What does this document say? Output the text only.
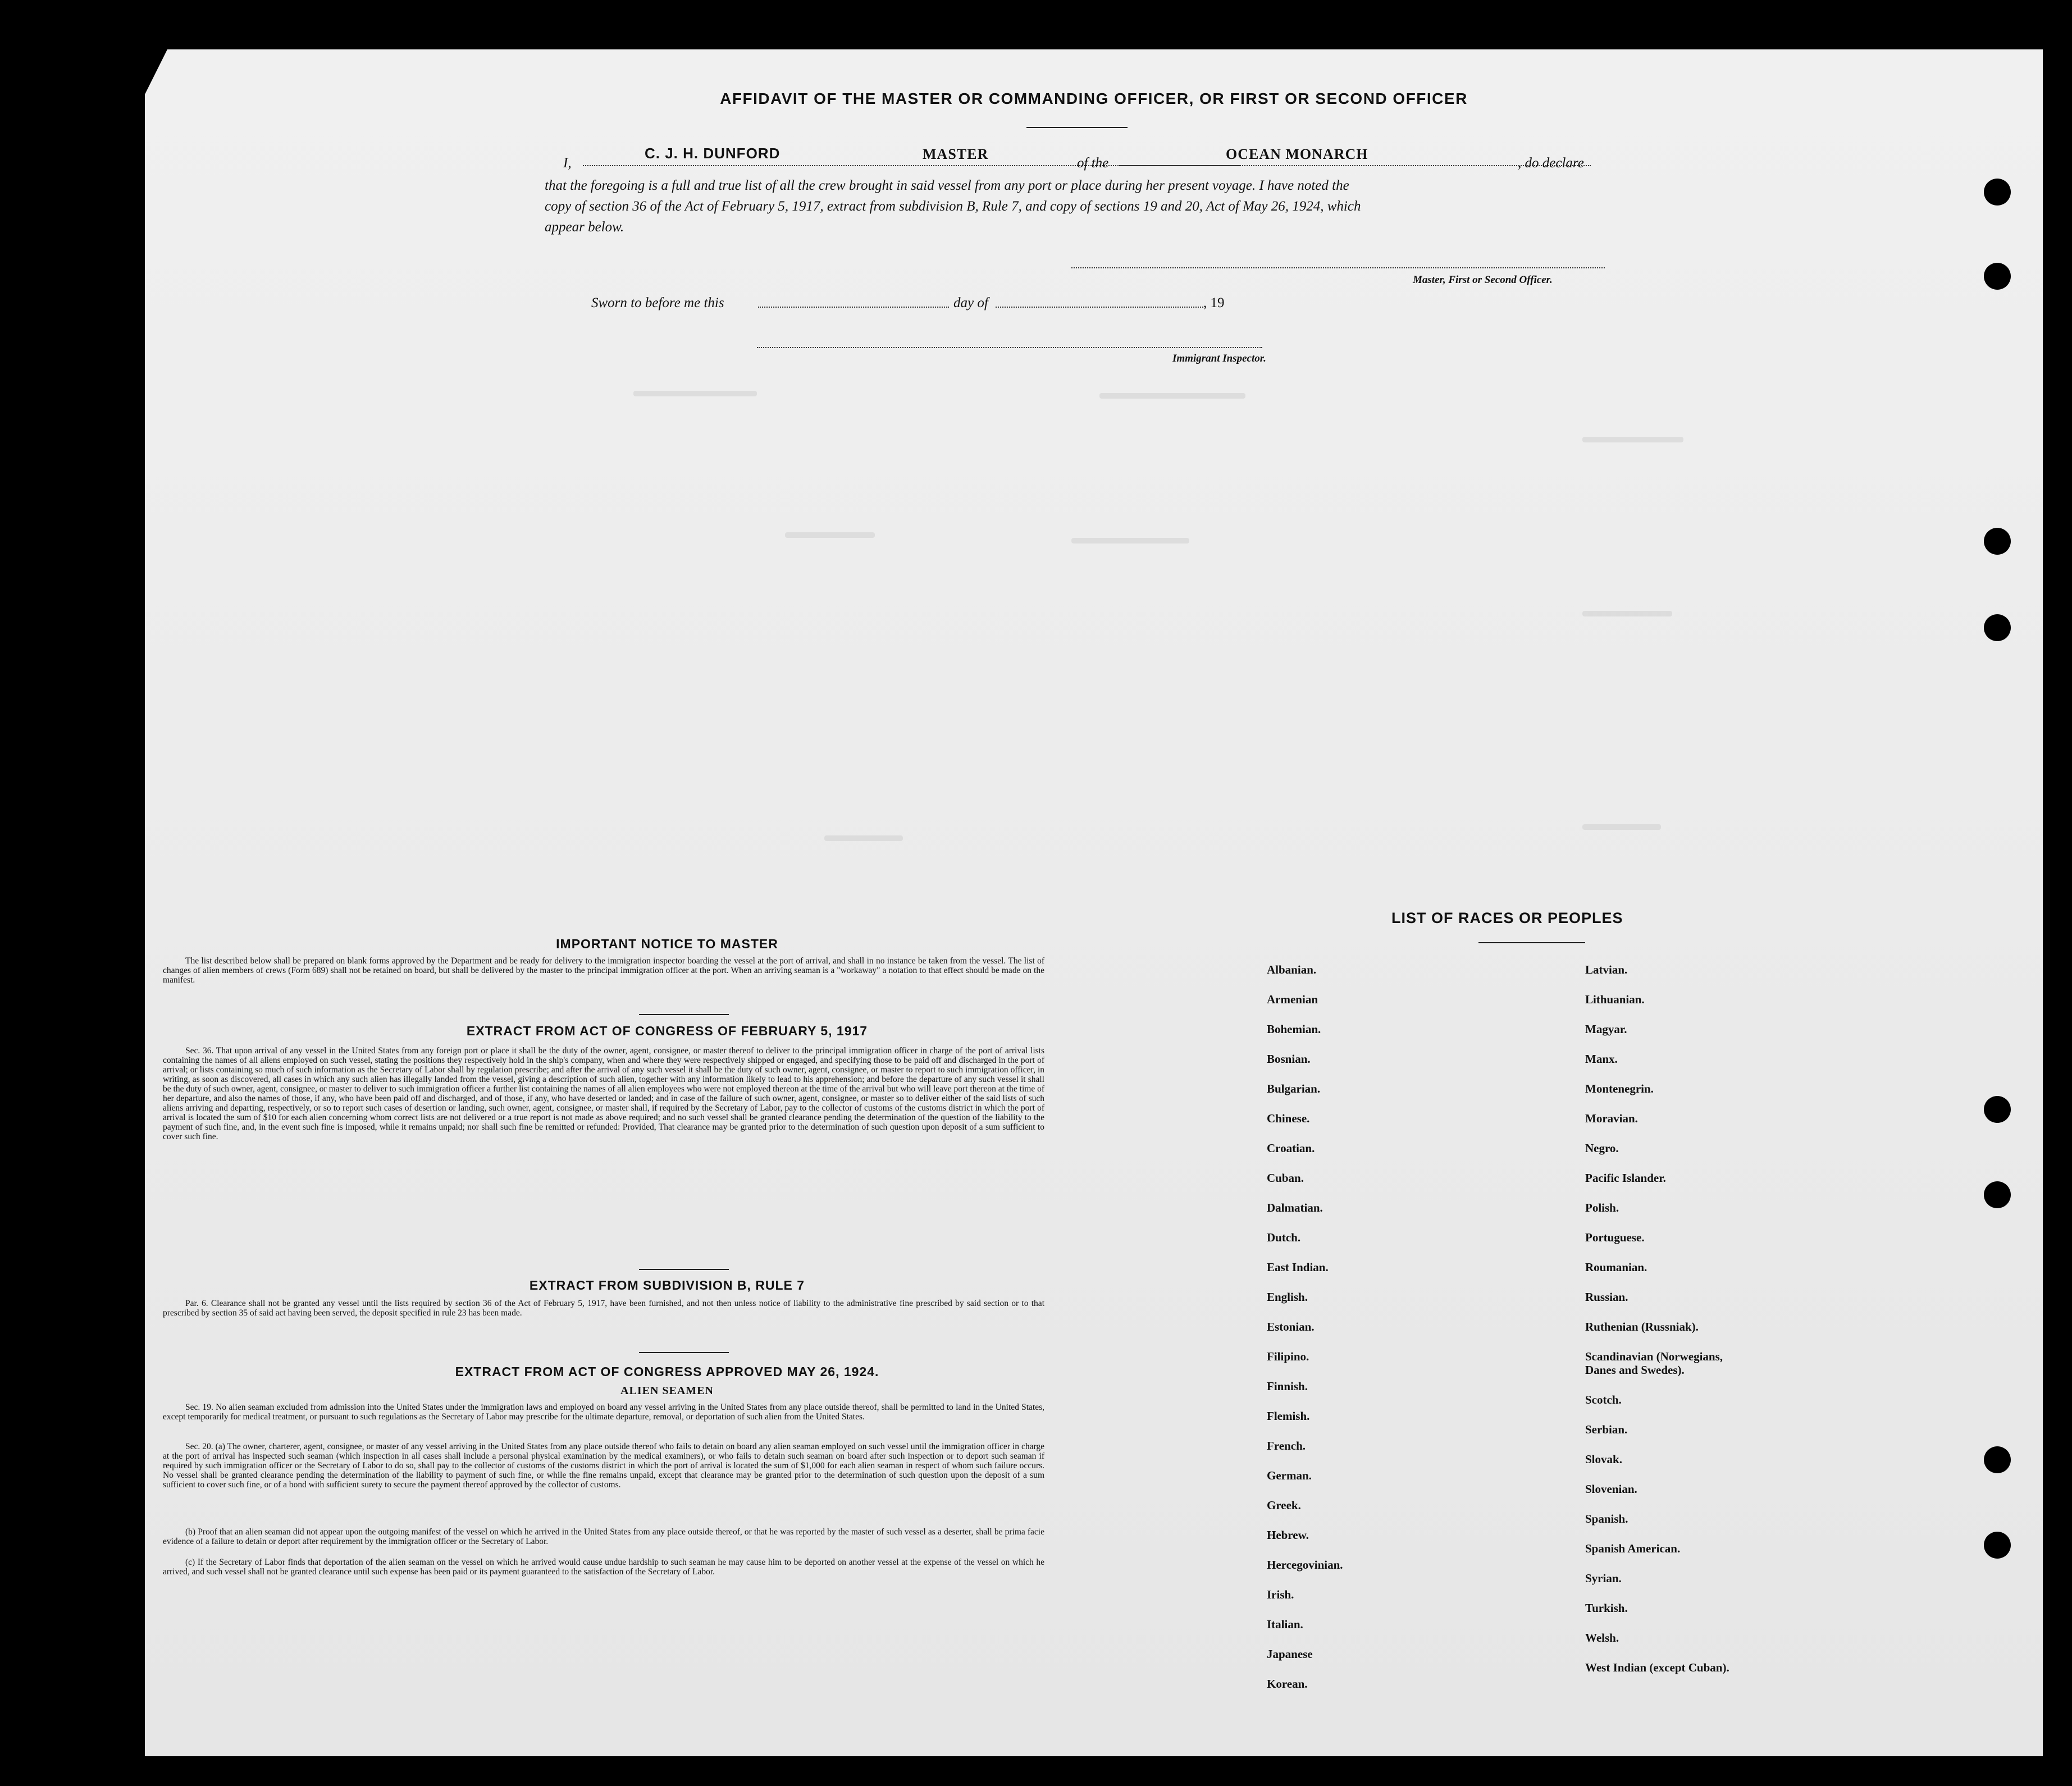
AFFIDAVIT OF THE MASTER OR COMMANDING OFFICER, OR FIRST OR SECOND OFFICER
I,
C. J. H. DUNFORD	MASTER
of the
OCEAN MONARCH
, do declare
that the foregoing is a full and true list of all the crew brought in said vessel from any port or place during her present voyage. I have noted the
copy of section 36 of the Act of February 5, 1917, extract from subdivision B, Rule 7, and copy of sections 19 and 20, Act of May 26, 1924, which
appear below.
Master, First or Second Officer.
Sworn to before me this	day of	, 19
Immigrant Inspector.
IMPORTANT NOTICE TO MASTER
The list described below shall be prepared on blank forms approved by the Department and be ready for delivery to the immigration inspector boarding the vessel at the port of arrival, and shall in no instance be taken from the vessel. The list of changes of alien members of crews (Form 689) shall not be retained on board, but shall be delivered by the master to the principal immigration officer at the port. When an arriving seaman is a "workaway" a notation to that effect should be made on the manifest.
EXTRACT FROM ACT OF CONGRESS OF FEBRUARY 5, 1917
Sec. 36. That upon arrival of any vessel in the United States from any foreign port or place it shall be the duty of the owner, agent, consignee, or master thereof to deliver to the principal immigration officer in charge of the port of arrival lists containing the names of all aliens employed on such vessel, stating the positions they respectively hold in the ship's company, when and where they were respectively shipped or engaged, and specifying those to be paid off and discharged in the port of arrival; or lists containing so much of such information as the Secretary of Labor shall by regulation prescribe; and after the arrival of any such vessel it shall be the duty of such owner, agent, consignee, or master to report to such immigration officer, in writing, as soon as discovered, all cases in which any such alien has illegally landed from the vessel, giving a description of such alien, together with any information likely to lead to his apprehension; and before the departure of any such vessel it shall be the duty of such owner, agent, consignee, or master to deliver to such immigration officer a further list containing the names of all alien employees who were not employed thereon at the time of the arrival but who will leave port thereon at the time of her departure, and also the names of those, if any, who have been paid off and discharged, and of those, if any, who have deserted or landed; and in case of the failure of such owner, agent, consignee, or master so to deliver either of the said lists of such aliens arriving and departing, respectively, or so to report such cases of desertion or landing, such owner, agent, consignee, or master shall, if required by the Secretary of Labor, pay to the collector of customs of the customs district in which the port of arrival is located the sum of $10 for each alien concerning whom correct lists are not delivered or a true report is not made as above required; and no such vessel shall be granted clearance pending the determination of the question of the liability to the payment of such fine, and, in the event such fine is imposed, while it remains unpaid; nor shall such fine be remitted or refunded: Provided, That clearance may be granted prior to the determination of such question upon deposit of a sum sufficient to cover such fine.
EXTRACT FROM SUBDIVISION B, RULE 7
Par. 6. Clearance shall not be granted any vessel until the lists required by section 36 of the Act of February 5, 1917, have been furnished, and not then unless notice of liability to the administrative fine prescribed by said section or to that prescribed by section 35 of said act having been served, the deposit specified in rule 23 has been made.
EXTRACT FROM ACT OF CONGRESS APPROVED MAY 26, 1924.
ALIEN SEAMEN
Sec. 19. No alien seaman excluded from admission into the United States under the immigration laws and employed on board any vessel arriving in the United States from any place outside thereof, shall be permitted to land in the United States, except temporarily for medical treatment, or pursuant to such regulations as the Secretary of Labor may prescribe for the ultimate departure, removal, or deportation of such alien from the United States.
Sec. 20. (a) The owner, charterer, agent, consignee, or master of any vessel arriving in the United States from any place outside thereof who fails to detain on board any alien seaman employed on such vessel until the immigration officer in charge at the port of arrival has inspected such seaman (which inspection in all cases shall include a personal physical examination by the medical examiners), or who fails to detain such seaman on board after such inspection or to deport such seaman if required by such immigration officer or the Secretary of Labor to do so, shall pay to the collector of customs of the customs district in which the port of arrival is located the sum of $1,000 for each alien seaman in respect of whom such failure occurs. No vessel shall be granted clearance pending the determination of the liability to payment of such fine, or while the fine remains unpaid, except that clearance may be granted prior to the determination of such question upon the deposit of a sum sufficient to cover such fine, or of a bond with sufficient surety to secure the payment thereof approved by the collector of customs.
(b) Proof that an alien seaman did not appear upon the outgoing manifest of the vessel on which he arrived in the United States from any place outside thereof, or that he was reported by the master of such vessel as a deserter, shall be prima facie evidence of a failure to detain or deport after requirement by the immigration officer or the Secretary of Labor.
(c) If the Secretary of Labor finds that deportation of the alien seaman on the vessel on which he arrived would cause undue hardship to such seaman he may cause him to be deported on another vessel at the expense of the vessel on which he arrived, and such vessel shall not be granted clearance until such expense has been paid or its payment guaranteed to the satisfaction of the Secretary of Labor.
LIST OF RACES OR PEOPLES
Albanian.
Armenian
Bohemian.
Bosnian.
Bulgarian.
Chinese.
Croatian.
Cuban.
Dalmatian.
Dutch.
East Indian.
English.
Estonian.
Filipino.
Finnish.
Flemish.
French.
German.
Greek.
Hebrew.
Hercegovinian.
Irish.
Italian.
Japanese
Korean.
Latvian.
Lithuanian.
Magyar.
Manx.
Montenegrin.
Moravian.
Negro.
Pacific Islander.
Polish.
Portuguese.
Roumanian.
Russian.
Ruthenian (Russniak).
Scandinavian (Norwegians,
Danes and Swedes).
Scotch.
Serbian.
Slovak.
Slovenian.
Spanish.
Spanish American.
Syrian.
Turkish.
Welsh.
West Indian (except Cuban).
